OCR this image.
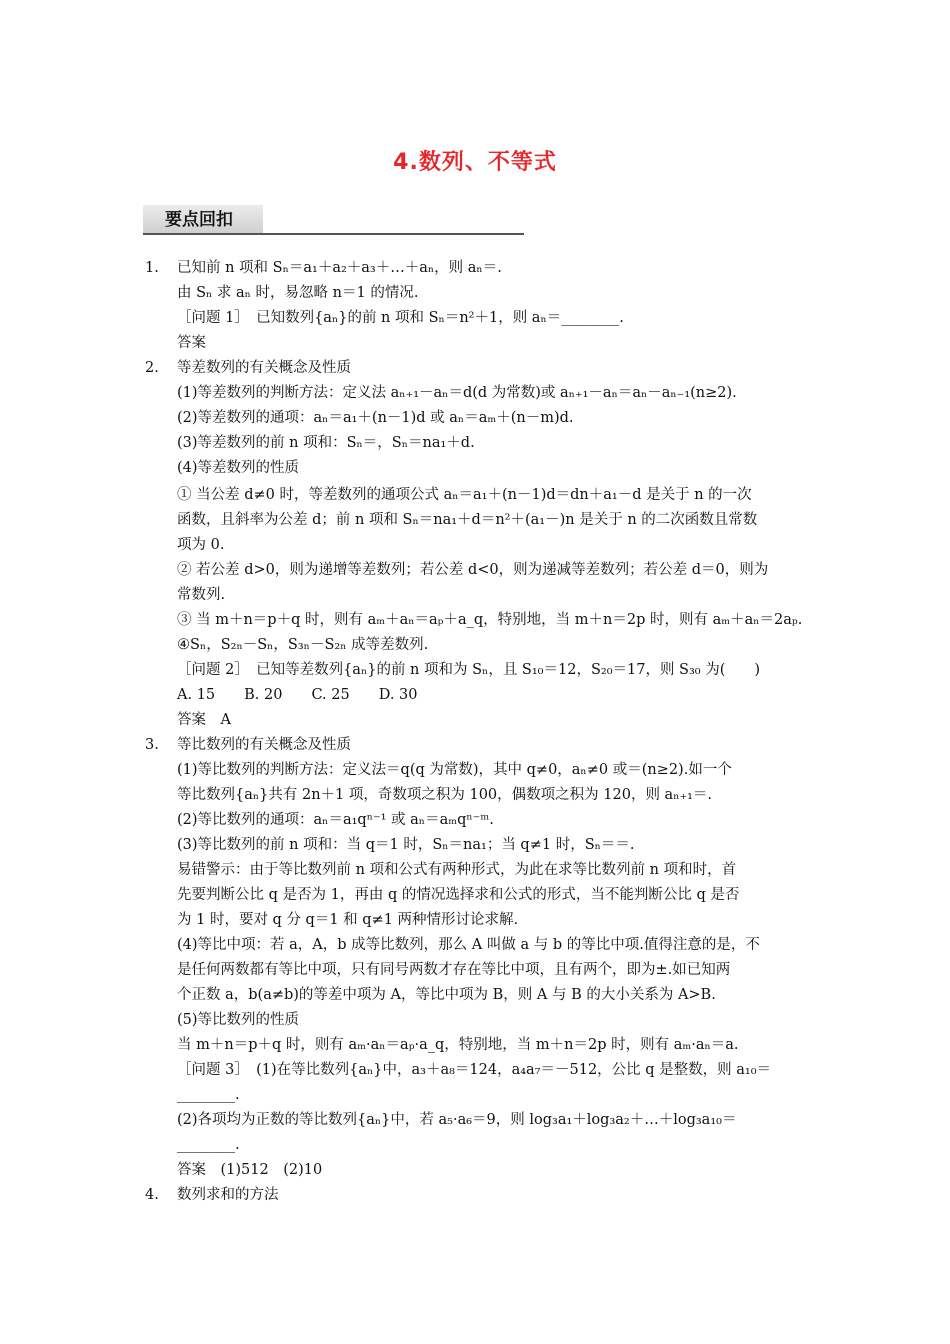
4.数列、不等式
要点回扣
1. 已知前 n 项和 Sₙ＝a₁＋a₂＋a₃＋…＋aₙ，则 aₙ＝.
由 Sₙ 求 aₙ 时，易忽略 n＝1 的情况.
［问题 1］　已知数列{aₙ}的前 n 项和 Sₙ＝n²＋1，则 aₙ＝________.
答案
2. 等差数列的有关概念及性质
(1)等差数列的判断方法：定义法 aₙ₊₁－aₙ＝d(d 为常数)或 aₙ₊₁－aₙ＝aₙ－aₙ₋₁(n≥2).
(2)等差数列的通项：aₙ＝a₁＋(n－1)d 或 aₙ＝aₘ＋(n－m)d.
(3)等差数列的前 n 项和：Sₙ＝，Sₙ＝na₁＋d.
(4)等差数列的性质
① 当公差 d≠0 时，等差数列的通项公式 aₙ＝a₁＋(n－1)d＝dn＋a₁－d 是关于 n 的一次
函数，且斜率为公差 d；前 n 项和 Sₙ＝na₁＋d＝n²＋(a₁－)n 是关于 n 的二次函数且常数
项为 0.
② 若公差 d>0，则为递增等差数列；若公差 d<0，则为递减等差数列；若公差 d＝0，则为
常数列.
③ 当 m＋n＝p＋q 时，则有 aₘ＋aₙ＝aₚ＋a_q，特别地，当 m＋n＝2p 时，则有 aₘ＋aₙ＝2aₚ.
④Sₙ，S₂ₙ－Sₙ，S₃ₙ－S₂ₙ 成等差数列.
［问题 2］　已知等差数列{aₙ}的前 n 项和为 Sₙ，且 S₁₀＝12，S₂₀＝17，则 S₃₀ 为(　　)
A. 15　　B. 20　　C. 25　　D. 30
答案　A
3. 等比数列的有关概念及性质
(1)等比数列的判断方法：定义法＝q(q 为常数)，其中 q≠0，aₙ≠0 或＝(n≥2).如一个
等比数列{aₙ}共有 2n＋1 项，奇数项之积为 100，偶数项之积为 120，则 aₙ₊₁＝.
(2)等比数列的通项：aₙ＝a₁qⁿ⁻¹ 或 aₙ＝aₘqⁿ⁻ᵐ.
(3)等比数列的前 n 项和：当 q＝1 时，Sₙ＝na₁；当 q≠1 时，Sₙ＝＝.
易错警示：由于等比数列前 n 项和公式有两种形式，为此在求等比数列前 n 项和时，首
先要判断公比 q 是否为 1，再由 q 的情况选择求和公式的形式，当不能判断公比 q 是否
为 1 时，要对 q 分 q＝1 和 q≠1 两种情形讨论求解.
(4)等比中项：若 a，A，b 成等比数列，那么 A 叫做 a 与 b 的等比中项.值得注意的是，不
是任何两数都有等比中项，只有同号两数才存在等比中项，且有两个，即为±.如已知两
个正数 a，b(a≠b)的等差中项为 A，等比中项为 B，则 A 与 B 的大小关系为 A>B.
(5)等比数列的性质
当 m＋n＝p＋q 时，则有 aₘ·aₙ＝aₚ·a_q，特别地，当 m＋n＝2p 时，则有 aₘ·aₙ＝a.
［问题 3］　(1)在等比数列{aₙ}中，a₃＋a₈＝124，a₄a₇＝－512，公比 q 是整数，则 a₁₀＝
________.
(2)各项均为正数的等比数列{aₙ}中，若 a₅·a₆＝9，则 log₃a₁＋log₃a₂＋…＋log₃a₁₀＝
________.
答案　(1)512　(2)10
4. 数列求和的方法
